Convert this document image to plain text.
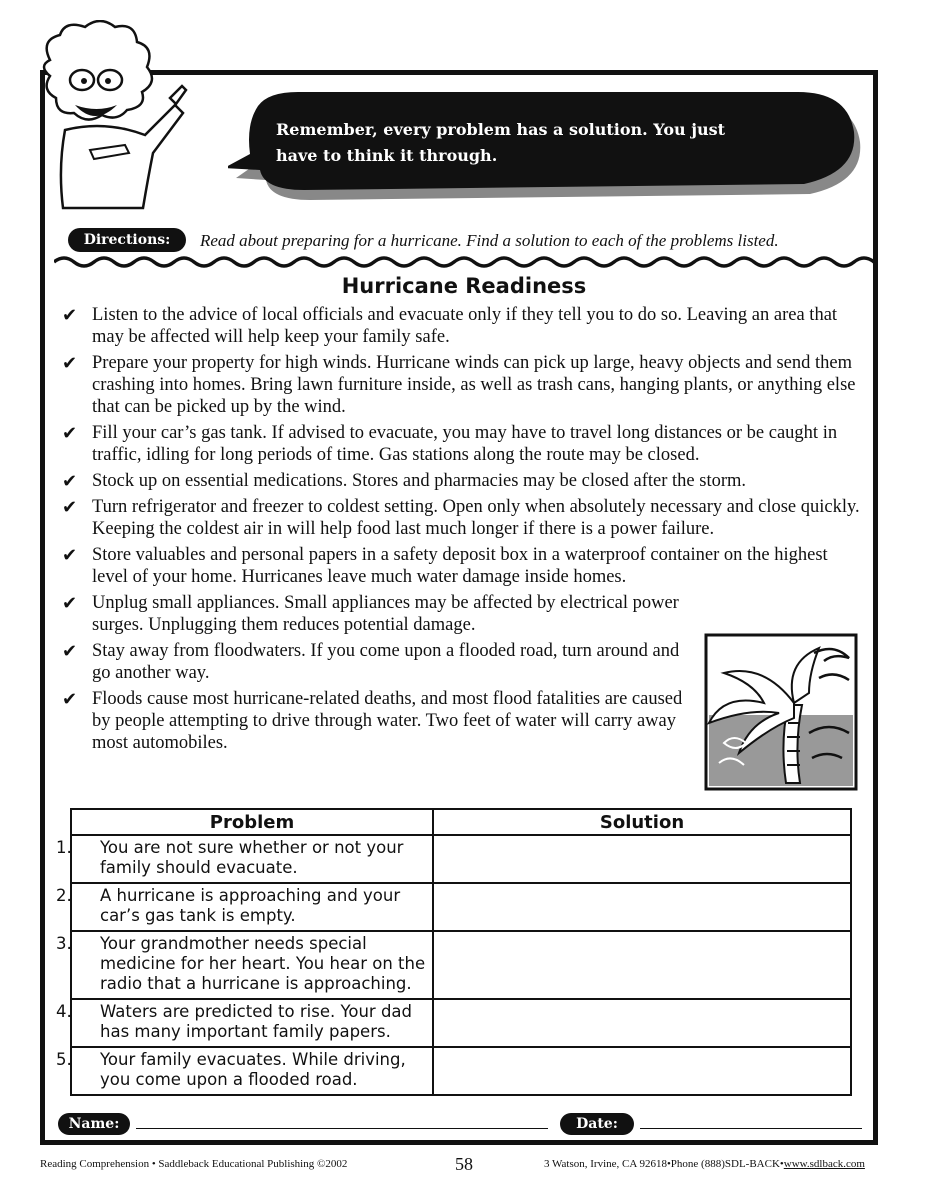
Remember, every problem has a solution. You just
have to think it through.
Directions:	Read about preparing for a hurricane. Find a solution to each of the problems listed.
Hurricane Readiness
✔ Listen to the advice of local officials and evacuate only if they tell you to do so. Leaving an area that may be affected will help keep your family safe.
✔ Prepare your property for high winds. Hurricane winds can pick up large, heavy objects and send them crashing into homes. Bring lawn furniture inside, as well as trash cans, hanging plants, or anything else that can be picked up by the wind.
✔ Fill your car’s gas tank. If advised to evacuate, you may have to travel long distances or be caught in traffic, idling for long periods of time. Gas stations along the route may be closed.
✔ Stock up on essential medications. Stores and pharmacies may be closed after the storm.
✔ Turn refrigerator and freezer to coldest setting. Open only when absolutely necessary and close quickly. Keeping the coldest air in will help food last much longer if there is a power failure.
✔ Store valuables and personal papers in a safety deposit box in a waterproof container on the highest level of your home. Hurricanes leave much water damage inside homes.
✔ Unplug small appliances. Small appliances may be affected by electrical power surges. Unplugging them reduces potential damage.
✔ Stay away from floodwaters. If you come upon a flooded road, turn around and go another way.
✔ Floods cause most hurricane-related deaths, and most flood fatalities are caused by people attempting to drive through water. Two feet of water will carry away most automobiles.
Problem	Solution

1. You are not sure whether or not your
family should evacuate.	

2. A hurricane is approaching and your
car’s gas tank is empty.	

3. Your grandmother needs special
medicine for her heart. You hear on the
radio that a hurricane is approaching.	

4. Waters are predicted to rise. Your dad
has many important family papers.	

5. Your family evacuates. While driving,
you come upon a flooded road.	

Name:	Date:
Reading Comprehension • Saddleback Educational Publishing ©2002	58	3 Watson, Irvine, CA 92618•Phone (888)SDL-BACK•www.sdlback.com
